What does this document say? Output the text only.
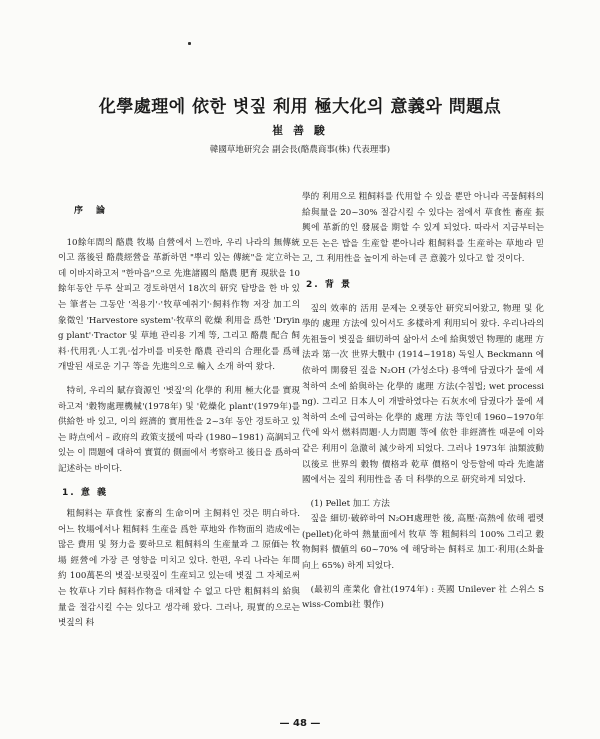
化學處理에 依한 볏짚 利用 極大化의 意義와 問題点
崔 善 駿
韓國草地研究会 副会長(酪農商事(株) 代表理事)
序　論

10餘年間의 酪農 牧場 自營에서 느낀바, 우리 나라의 無傳統이고 落後된 酪農經營을 革新하면 "뿌리 있는 傳統"을 定立하는데 이바지하고저 "한마음"으로 先進諸國의 酪農 肥育 現狀을 10餘年동안 두루 살피고 경토하면서 18次의 研究 탐방을 한 바 있는 筆者는 그동안 '적용기'·'牧草예취기'·飼料作物 저장 加工의 象徵인 'Harvestore system'·牧草의 乾燥 利用을 爲한 'Drying plant'·Tractor 및 草地 관리용 기계 等, 그리고 酪農 配合 飼料·代用乳·人工乳·섭가비를 비롯한 酪農 관리의 合理化를 爲해 개발된 새로운 기구 等을 先進의으로 輸入 소개 하여 왔다.

特히, 우리의 賦存資源인 '볏짚'의 化學的 利用 極大化를 實現하고져 '穀物處理機械'(1978年) 및 '乾燥化 plant'(1979年)를 供給한 바 있고, 이의 經濟的 實用性을 2~3年 동안 경토하고 있는 時点에서 – 政府의 政策支援에 따라 (1980~1981) 高調되고 있는 이 問題에 대하여 實質的 側面에서 考察하고 後日을 爲하여 記述하는 바이다.

1. 意 義

粗飼料는 草食性 家畜의 生命이며 主飼料인 것은 明白하다. 어느 牧場에서나 粗飼料 生産을 爲한 草地와 作物面의 造成에는 많은 費用 및 努力을 要하므로 粗飼料의 生産量과 그 原価는 牧場 經營에 가장 큰 영향을 미치고 있다. 한편, 우리 나라는 年間 約 100萬톤의 볏짚·보릿짚이 生産되고 있는데 볏짚 그 자체로써는 牧草나 기타 飼料作物을 대체할 수 없고 다만 粗飼料의 給與量을 절감시킬 수는 있다고 생각해 왔다. 그러나, 現實的으로는 볏짚의 科

學的 利用으로 粗飼料를 代用할 수 있을 뿐만 아니라 곡물飼料의 給與量을 20~30% 절감시킬 수 있다는 점에서 草食性 畜産 振興에 革新的인 發展을 期할 수 있게 되었다. 따라서 지금부터는 모든 논은 밥을 生産할 뿐아니라 粗飼料를 生産하는 草地라 믿고, 그 利用性을 높이게 하는데 큰 意義가 있다고 할 것이다.

2. 背 景

짚의 效率的 活用 문제는 오랫동안 研究되어왔고, 物理 및 化學的 處理 方法에 있어서도 多樣하게 利用되어 왔다. 우리나라의 先祖들이 볏짚을 細切하여 삶아서 소에 給與했던 物理的 處理 方法과 第一次 世界大戰中 (1914~1918) 독일人 Beckmann 에 依하여 開發된 짚을 N₂OH (가성소다) 용액에 담궜다가 물에 세척하여 소에 給與하는 化學的 處理 方法(수침법; wet processing). 그리고 日本人이 개발하였다는 石灰水에 담궜다가 물에 세척하여 소에 급여하는 化學的 處理 方法 等인데 1960~1970年代에 와서 燃料問題·人力問題 等에 依한 非經濟性 때문에 이와같은 利用이 急激히 減少하게 되었다. 그러나 1973年 油類波動 以後로 世界의 穀物 價格과 乾草 價格이 앙등함에 따라 先進諸國에서는 짚의 利用性을 좀 더 科學的으로 研究하게 되었다.

(1) Pellet 加工 方法

짚을 細切·破碎하여 N₂OH處理한 後, 高壓·高熱에 依해 펠렛(pellet)化하여 熱量面에서 牧草 等 粗飼料의 100% 그리고 穀物飼料 價値의 60~70% 에 해당하는 飼料로 加工·利用(소화율 向上 65%) 하게 되었다.

(最初의 產業化 會社(1974年) : 英國 Unilever 社 스위스 Swiss-Combi社 製作)

— 48 —
